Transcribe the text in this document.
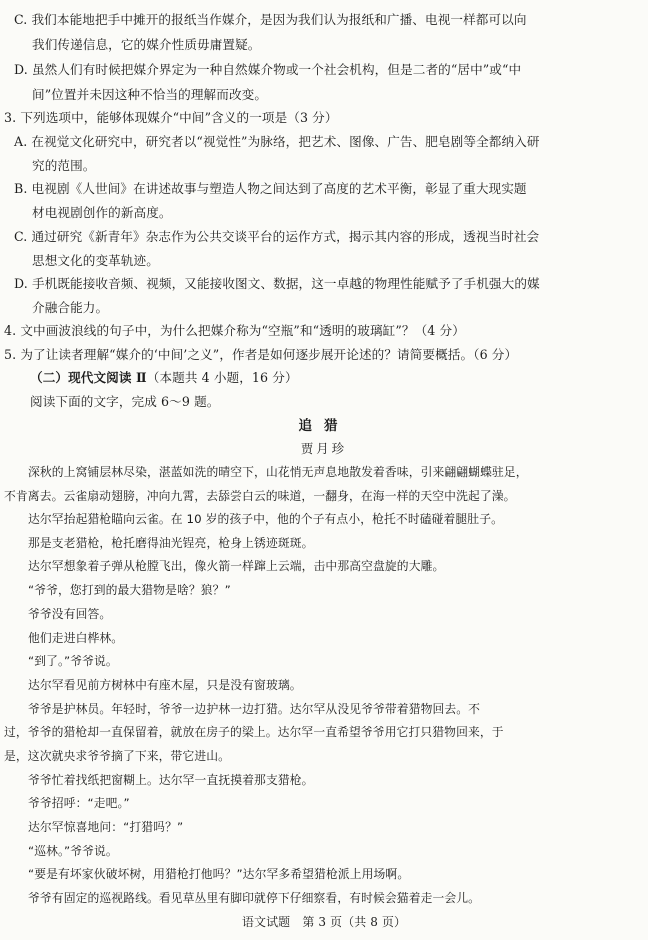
C. 我们本能地把手中摊开的报纸当作媒介，是因为我们认为报纸和广播、电视一样都可以向
我们传递信息，它的媒介性质毋庸置疑。
D. 虽然人们有时候把媒介界定为一种自然媒介物或一个社会机构，但是二者的“居中”或“中
间”位置并未因这种不恰当的理解而改变。
3. 下列选项中，能够体现媒介“中间”含义的一项是（3 分）
A. 在视觉文化研究中，研究者以“视觉性”为脉络，把艺术、图像、广告、肥皂剧等全都纳入研
究的范围。
B. 电视剧《人世间》在讲述故事与塑造人物之间达到了高度的艺术平衡，彰显了重大现实题
材电视剧创作的新高度。
C. 通过研究《新青年》杂志作为公共交谈平台的运作方式，揭示其内容的形成，透视当时社会
思想文化的变革轨迹。
D. 手机既能接收音频、视频，又能接收图文、数据，这一卓越的物理性能赋予了手机强大的媒
介融合能力。
4. 文中画波浪线的句子中，为什么把媒介称为“空瓶”和“透明的玻璃缸”？（4 分）
5. 为了让读者理解“媒介的‘中间’之义”，作者是如何逐步展开论述的？请简要概括。（6 分）
（二）现代文阅读 Ⅱ（本题共 4 小题，16 分）
阅读下面的文字，完成 6～9 题。
追猎
贾月珍
深秋的上窝铺层林尽染，湛蓝如洗的晴空下，山花悄无声息地散发着香味，引来翩翩蝴蝶驻足，
不肯离去。云雀扇动翅膀，冲向九霄，去舔尝白云的味道，一翻身，在海一样的天空中洗起了澡。
达尔罕抬起猎枪瞄向云雀。在 10 岁的孩子中，他的个子有点小，枪托不时磕碰着腿肚子。
那是支老猎枪，枪托磨得油光锃亮，枪身上锈迹斑斑。
达尔罕想象着子弹从枪膛飞出，像火箭一样蹿上云端，击中那高空盘旋的大雕。
“爷爷，您打到的最大猎物是啥？狼？”
爷爷没有回答。
他们走进白桦林。
“到了。”爷爷说。
达尔罕看见前方树林中有座木屋，只是没有窗玻璃。
爷爷是护林员。年轻时，爷爷一边护林一边打猎。达尔罕从没见爷爷带着猎物回去。不
过，爷爷的猎枪却一直保留着，就放在房子的梁上。达尔罕一直希望爷爷用它打只猎物回来，于
是，这次就央求爷爷摘了下来，带它进山。
爷爷忙着找纸把窗糊上。达尔罕一直抚摸着那支猎枪。
爷爷招呼：“走吧。”
达尔罕惊喜地问：“打猎吗？”
“巡林。”爷爷说。
“要是有坏家伙破坏树，用猎枪打他吗？”达尔罕多希望猎枪派上用场啊。
爷爷有固定的巡视路线。看见草丛里有脚印就停下仔细察看，有时候会猫着走一会儿。
语文试题　第 3 页（共 8 页）
